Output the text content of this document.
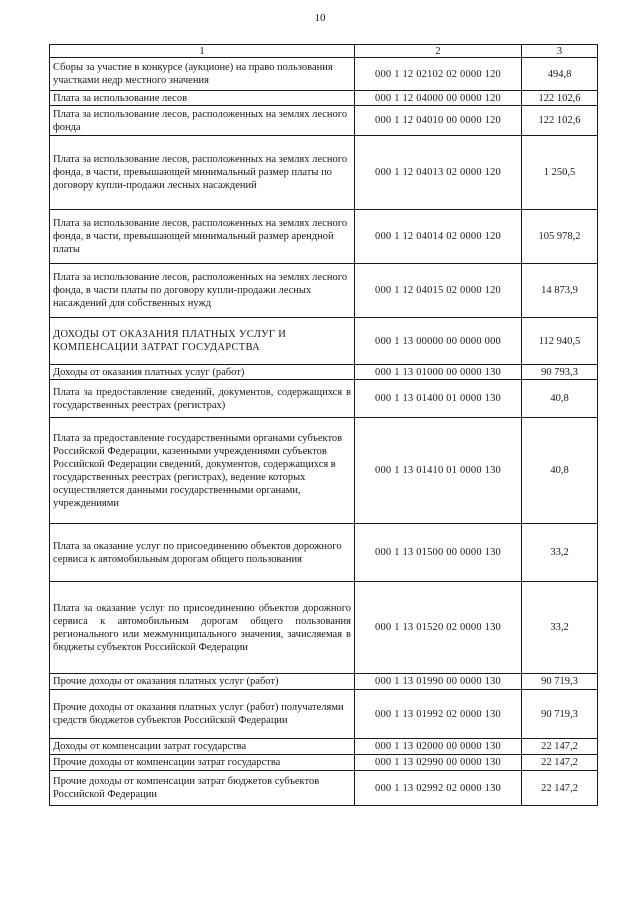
10
1	2	3
Сборы за участие в конкурсе (аукционе) на право пользования участками недр местного значения	000 1 12 02102 02 0000 120	494,8
Плата за использование лесов	000 1 12 04000 00 0000 120	122 102,6
Плата за использование лесов, расположенных на землях лесного фонда	000 1 12 04010 00 0000 120	122 102,6
Плата за использование лесов, расположенных на землях лесного фонда, в части, превышающей минимальный размер платы по договору купли-продажи лесных насаждений	000 1 12 04013 02 0000 120	1 250,5
Плата за использование лесов, расположенных на землях лесного фонда, в части, превышающей минимальный размер арендной платы	000 1 12 04014 02 0000 120	105 978,2
Плата за использование лесов, расположенных на землях лесного фонда, в части платы по договору купли-продажи лесных насаждений для собственных нужд	000 1 12 04015 02 0000 120	14 873,9
ДОХОДЫ ОТ ОКАЗАНИЯ ПЛАТНЫХ УСЛУГ И КОМПЕНСАЦИИ ЗАТРАТ ГОСУДАРСТВА	000 1 13 00000 00 0000 000	112 940,5
Доходы от оказания платных услуг (работ)	000 1 13 01000 00 0000 130	90 793,3
Плата за предоставление сведений, документов, содержащихся в государственных реестрах (регистрах)	000 1 13 01400 01 0000 130	40,8
Плата за предоставление государственными органами субъектов Российской Федерации, казенными учреждениями субъектов Российской Федерации сведений, документов, содержащихся в государственных реестрах (регистрах), ведение которых осуществляется данными государственными органами, учреждениями	000 1 13 01410 01 0000 130	40,8
Плата за оказание услуг по присоединению объектов дорожного сервиса к автомобильным дорогам общего пользования	000 1 13 01500 00 0000 130	33,2
Плата за оказание услуг по присоединению объектов дорожного сервиса к автомобильным дорогам общего пользования регионального или межмуниципального значения, зачисляемая в бюджеты субъектов Российской Федерации	000 1 13 01520 02 0000 130	33,2
Прочие доходы от оказания платных услуг (работ)	000 1 13 01990 00 0000 130	90 719,3
Прочие доходы от оказания платных услуг (работ) получателями средств бюджетов субъектов Российской Федерации	000 1 13 01992 02 0000 130	90 719,3
Доходы от компенсации затрат государства	000 1 13 02000 00 0000 130	22 147,2
Прочие доходы от компенсации затрат государства	000 1 13 02990 00 0000 130	22 147,2
Прочие доходы от компенсации затрат бюджетов субъектов Российской Федерации	000 1 13 02992 02 0000 130	22 147,2
